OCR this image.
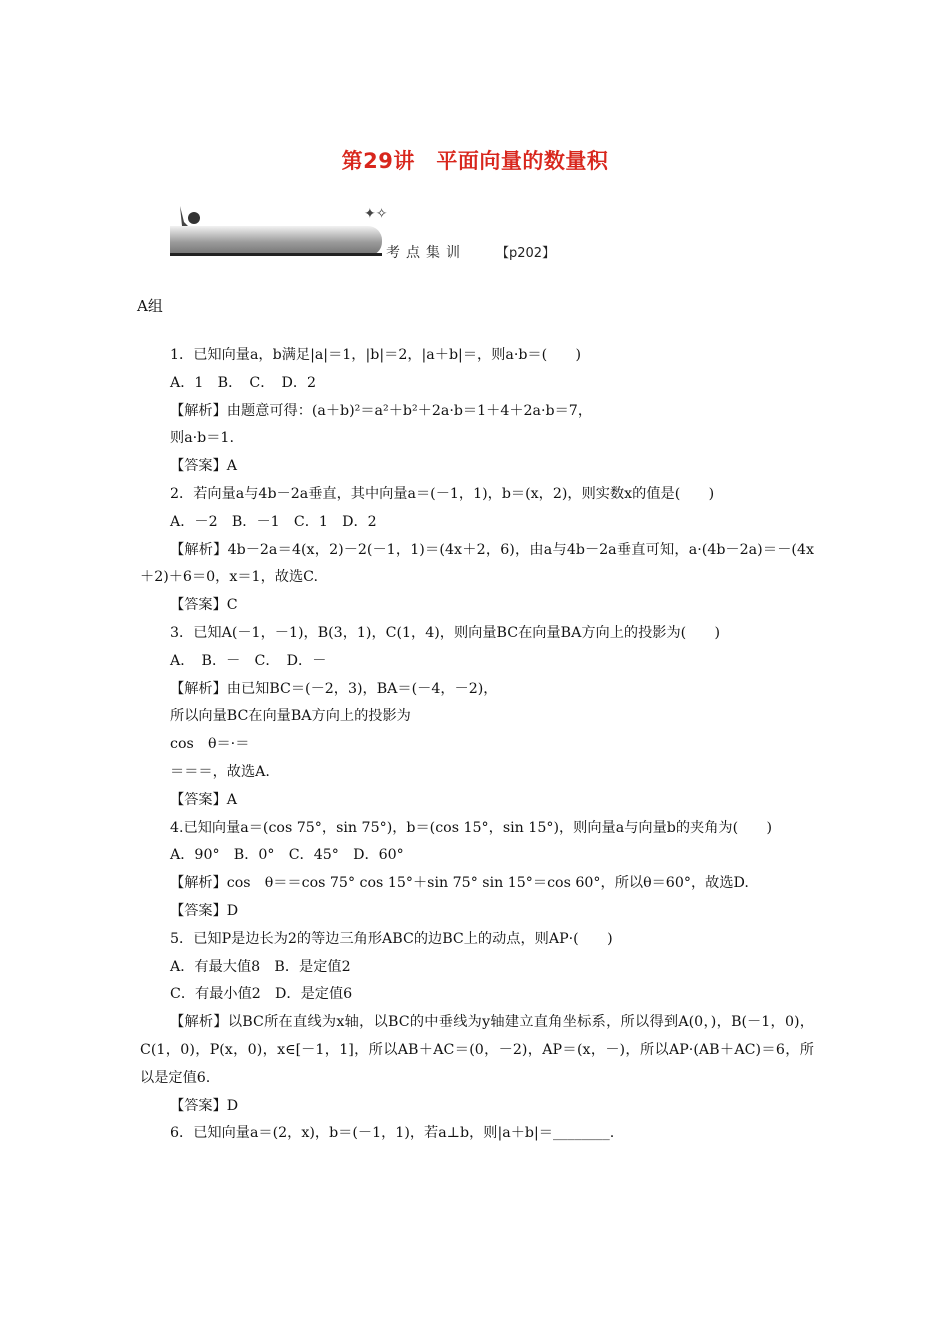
第29讲　平面向量的数量积
✦✧
考点集训 【p202】
A组
1．已知向量a，b满足|a|＝1，|b|＝2，|a＋b|＝，则a·b＝(　　)
A．1　B．　C．　D．2
【解析】由题意可得：(a＋b)²＝a²＋b²＋2a·b＝1＋4＋2a·b＝7，
则a·b＝1.
【答案】A
2．若向量a与4b－2a垂直，其中向量a＝(－1，1)，b＝(x，2)，则实数x的值是(　　)
A．－2　B．－1　C．1　D．2
【解析】4b－2a＝4(x，2)－2(－1，1)＝(4x＋2，6)，由a与4b－2a垂直可知，a·(4b－2a)＝－(4x＋2)＋6＝0，x＝1，故选C.
【答案】C
3．已知A(－1，－1)，B(3，1)，C(1，4)，则向量BC在向量BA方向上的投影为(　　)
A．　B．－　C．　D．－
【解析】由已知BC＝(－2，3)，BA＝(－4，－2)，
所以向量BC在向量BA方向上的投影为
cos　θ＝·＝
＝＝＝，故选A.
【答案】A
4.已知向量a＝(cos 75°，sin 75°)，b＝(cos 15°，sin 15°)，则向量a与向量b的夹角为(　　)
A．90°　B．0°　C．45°　D．60°
【解析】cos　θ＝＝cos 75° cos 15°＋sin 75° sin 15°＝cos 60°，所以θ＝60°，故选D.
【答案】D
5．已知P是边长为2的等边三角形ABC的边BC上的动点，则AP·(　　)
A．有最大值8　B．是定值2
C．有最小值2　D．是定值6
【解析】以BC所在直线为x轴，以BC的中垂线为y轴建立直角坐标系，所以得到A(0，)，B(－1，0)，C(1，0)，P(x，0)，x∈[－1，1]，所以AB＋AC＝(0，－2)，AP＝(x，－)，所以AP·(AB＋AC)＝6，所以是定值6.
【答案】D
6．已知向量a＝(2，x)，b＝(－1，1)，若a⊥b，则|a＋b|＝________.
